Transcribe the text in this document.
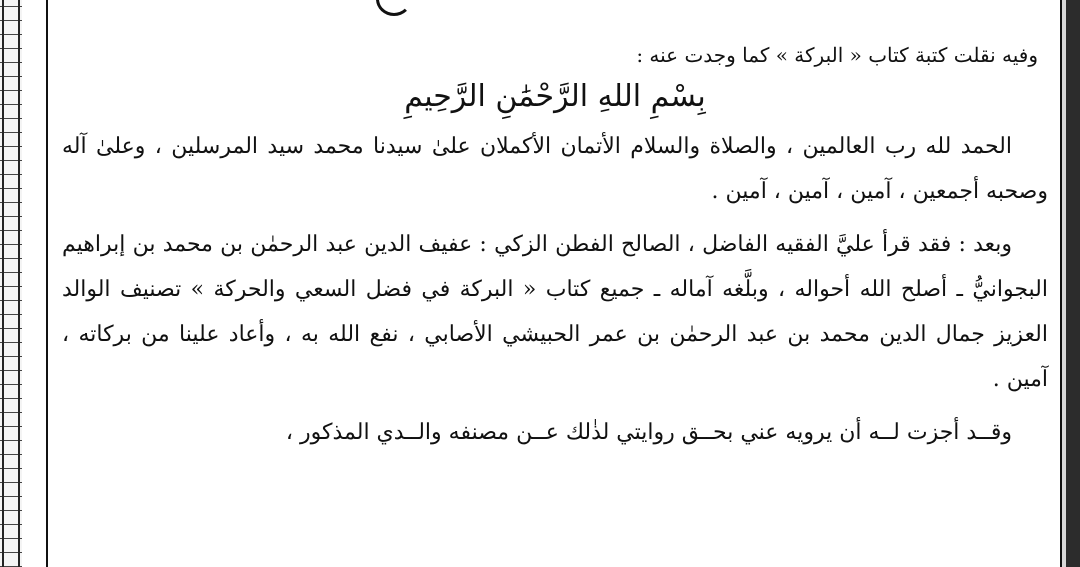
وفيه نقلت كتبة كتاب « البركة » كما وجدت عنه :
بِسْمِ اللهِ الرَّحْمَٰنِ الرَّحِيمِ

الحمد لله رب العالمين ، والصلاة والسلام الأتمان الأكملان علىٰ سيدنا محمد سيد المرسلين ، وعلىٰ آله وصحبه أجمعين ، آمين ، آمين ، آمين .

وبعد : فقد قرأ عليَّ الفقيه الفاضل ، الصالح الفطن الزكي : عفيف الدين عبد الرحمٰن بن محمد بن إبراهيم البجوانيُّ ـ أصلح الله أحواله ، وبلَّغه آماله ـ جميع كتاب « البركة في فضل السعي والحركة » تصنيف الوالد العزيز جمال الدين محمد بن عبد الرحمٰن بن عمر الحبيشي الأصابي ، نفع الله به ، وأعاد علينا من بركاته ، آمين .

وقــد أجزت لــه أن يرويه عني بحــق روايتي لذٰلك عــن مصنفه والــدي المذكور ،
